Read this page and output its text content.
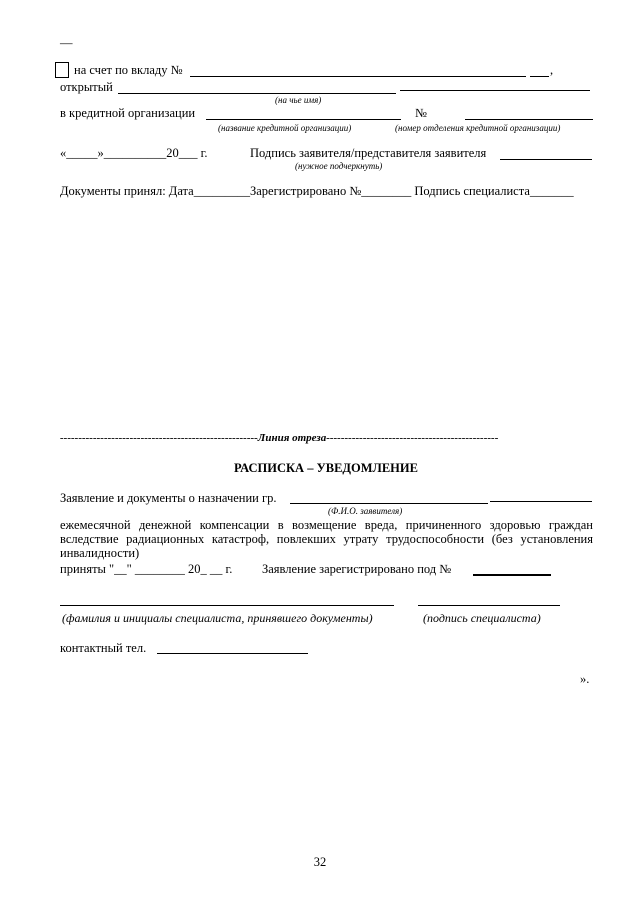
—
на счет по вкладу №	,
открытый
(на чье имя)
в кредитной организации	№
(название кредитной организации)	(номер отделения кредитной организации)
«_____»__________20___ г.	Подпись заявителя/представителя заявителя
(нужное подчеркнуть)
Документы принял: Дата_________Зарегистрировано №________ Подпись специалиста_______
------------------------------------------------------Линия отреза-----------------------------------------------
РАСПИСКА – УВЕДОМЛЕНИЕ
Заявление и документы о назначении гр.
(Ф.И.О. заявителя)
ежемесячной денежной компенсации в возмещение вреда, причиненного здоровью граждан вследствие радиационных катастроф, повлекших утрату трудоспособности (без установления инвалидности)
приняты "__" ________ 20_ __ г. Заявление зарегистрировано под №
(фамилия и инициалы специалиста, принявшего документы)	(подпись специалиста)
контактный тел.
».
32
